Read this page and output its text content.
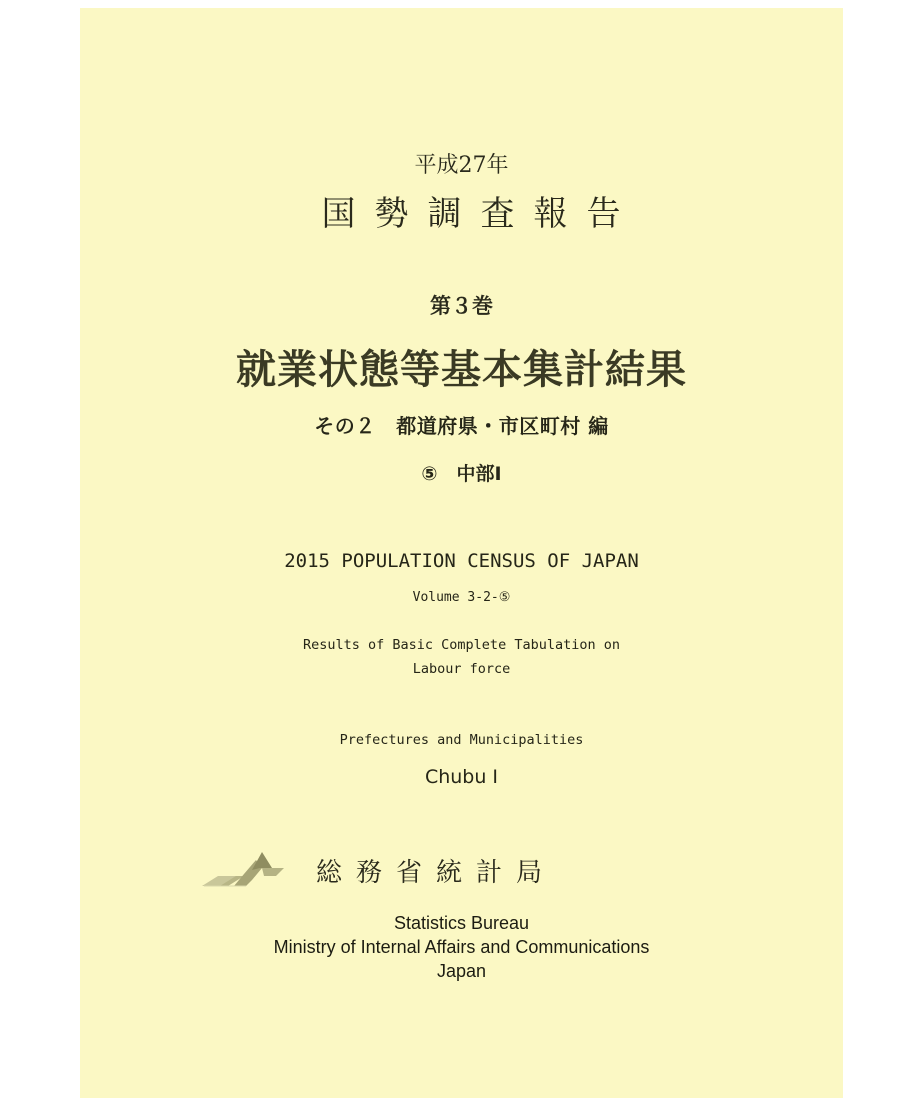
平成27年
国勢調査報告
第３巻
就業状態等基本集計結果
その２　都道府県・市区町村 編
⑤　中部Ⅰ
2015 POPULATION CENSUS OF JAPAN
Volume 3-2-⑤
Results of Basic Complete Tabulation on
Labour force
Prefectures and Municipalities
Chubu Ⅰ
総務省統計局
Statistics Bureau
Ministry of Internal Affairs and Communications
Japan
